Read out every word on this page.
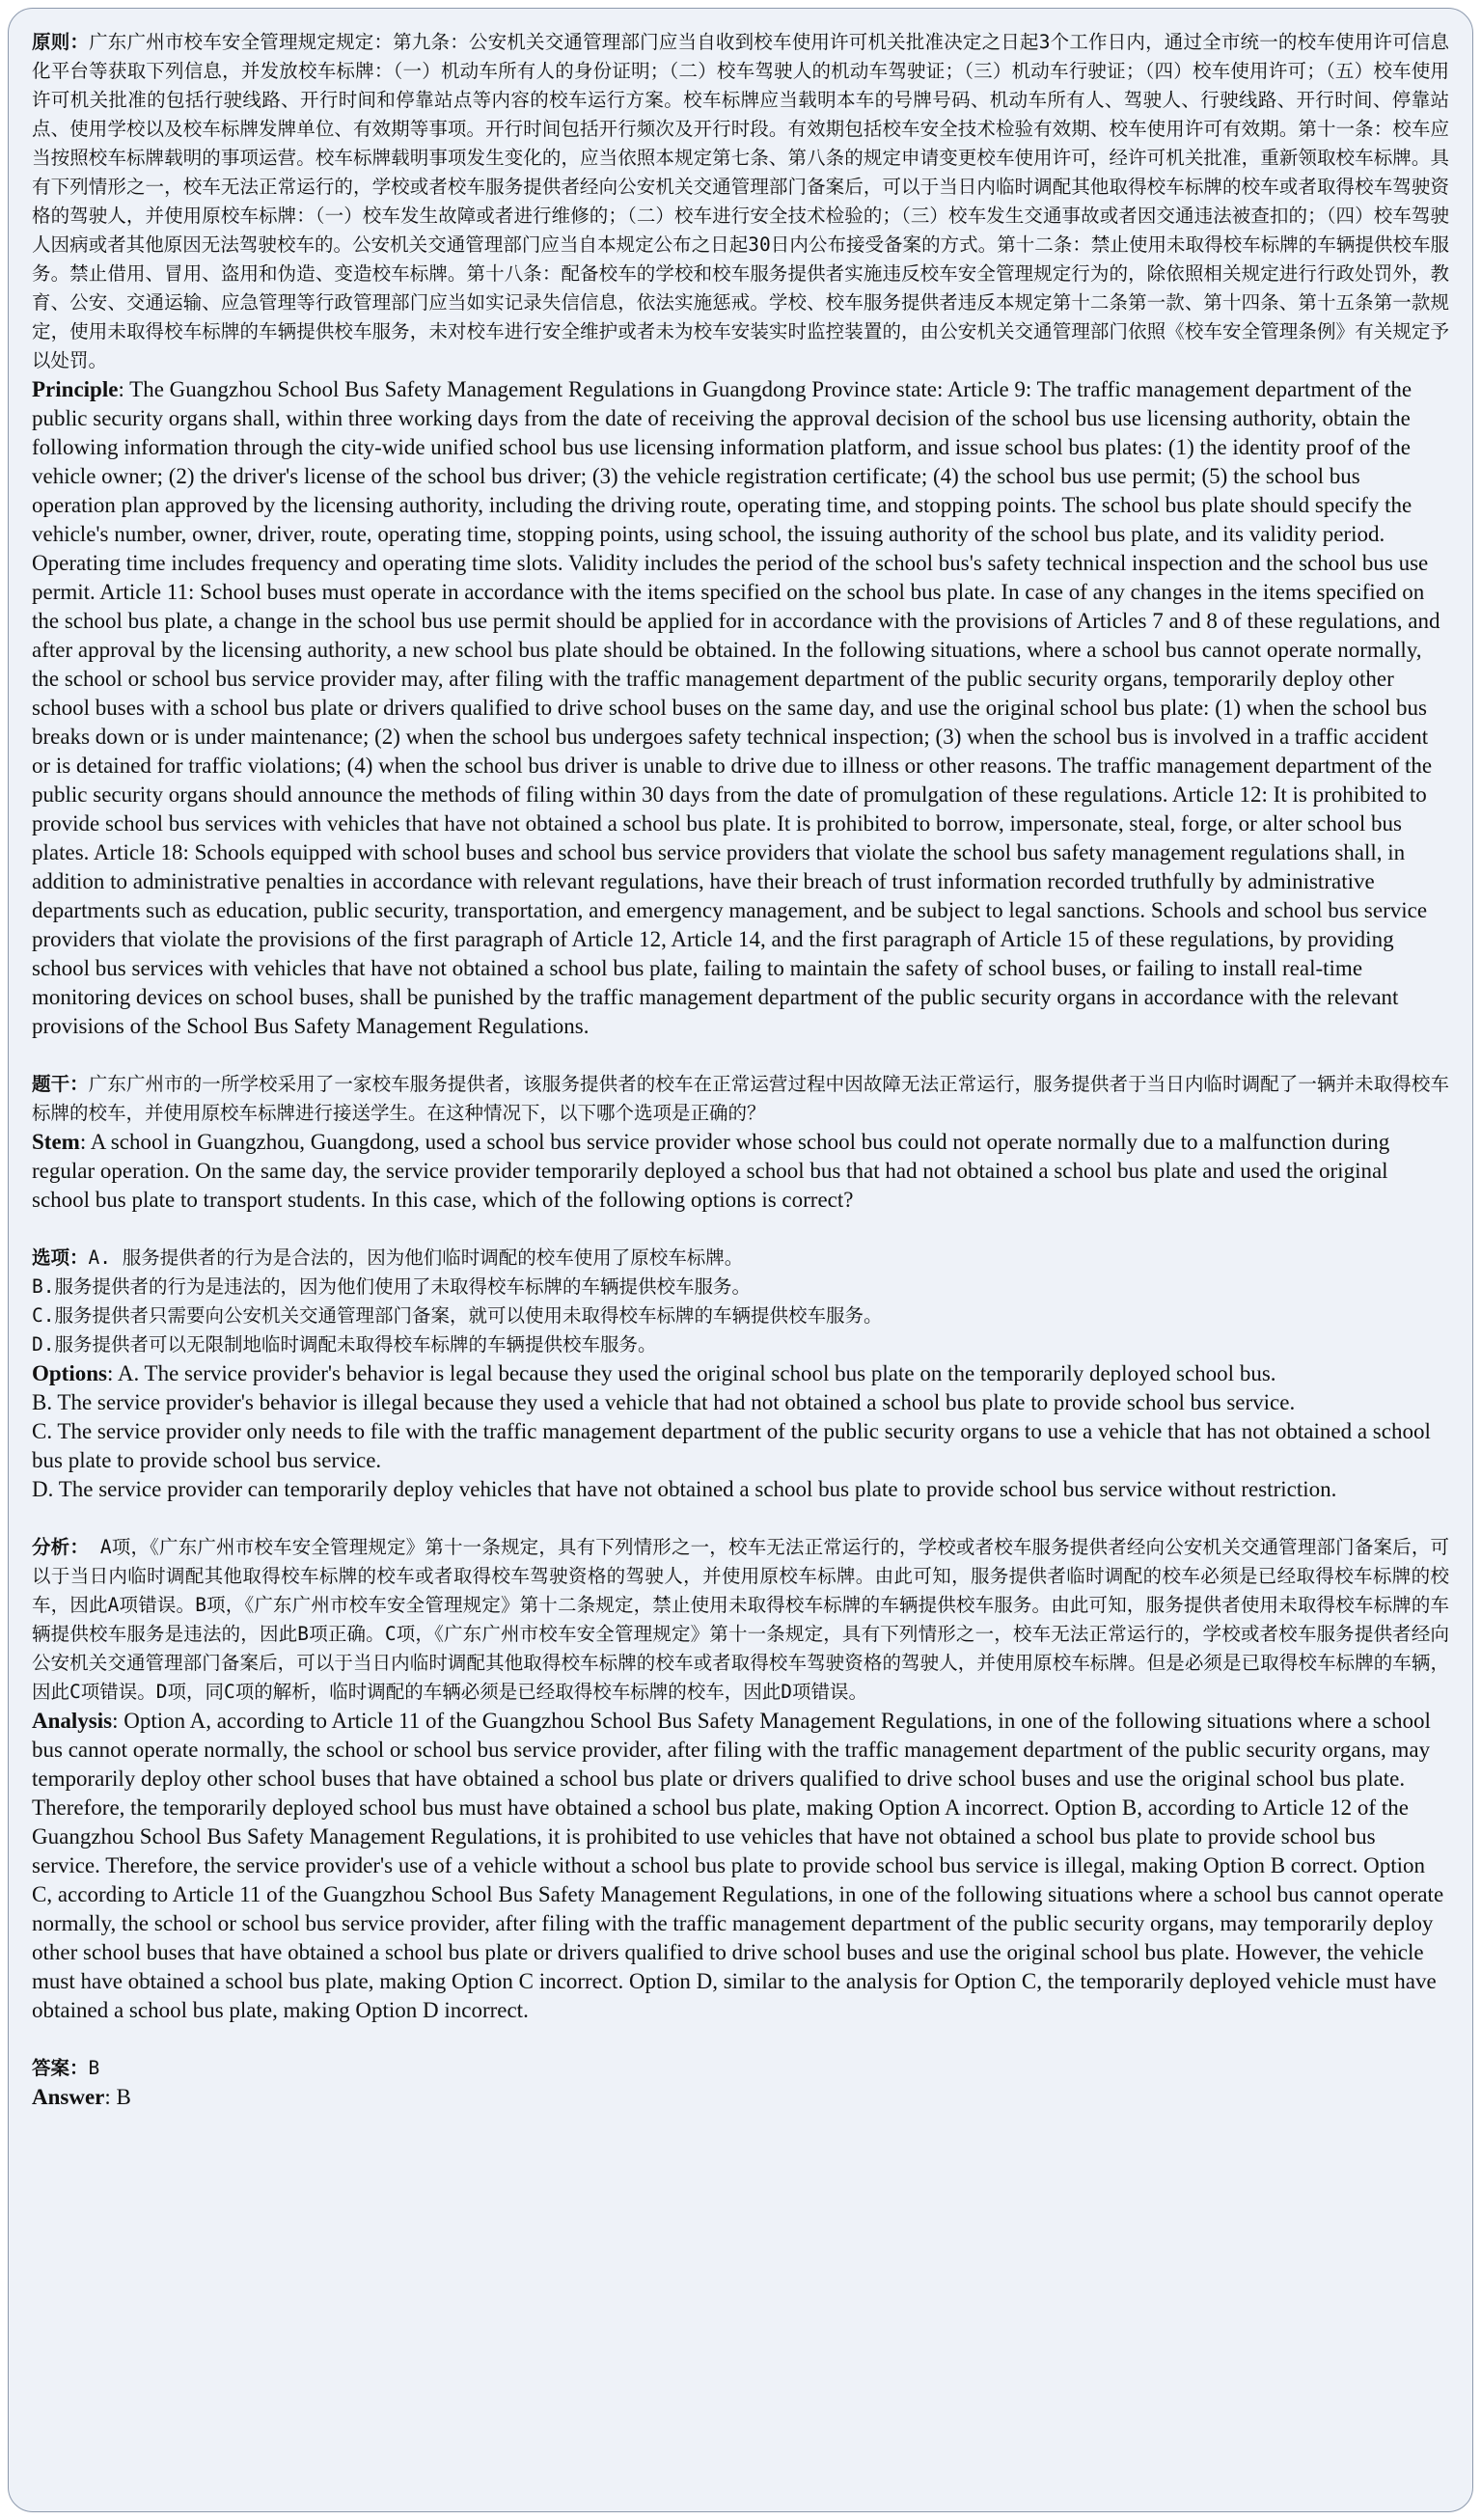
原则：广东广州市校车安全管理规定规定：第九条：公安机关交通管理部门应当自收到校车使用许可机关批准决定之日起3个工作日内，通过全市统一的校车使用许可信息化平台等获取下列信息，并发放校车标牌：（一）机动车所有人的身份证明；（二）校车驾驶人的机动车驾驶证；（三）机动车行驶证；（四）校车使用许可；（五）校车使用许可机关批准的包括行驶线路、开行时间和停靠站点等内容的校车运行方案。校车标牌应当载明本车的号牌号码、机动车所有人、驾驶人、行驶线路、开行时间、停靠站点、使用学校以及校车标牌发牌单位、有效期等事项。开行时间包括开行频次及开行时段。有效期包括校车安全技术检验有效期、校车使用许可有效期。第十一条：校车应当按照校车标牌载明的事项运营。校车标牌载明事项发生变化的，应当依照本规定第七条、第八条的规定申请变更校车使用许可，经许可机关批准，重新领取校车标牌。具有下列情形之一，校车无法正常运行的，学校或者校车服务提供者经向公安机关交通管理部门备案后，可以于当日内临时调配其他取得校车标牌的校车或者取得校车驾驶资格的驾驶人，并使用原校车标牌：（一）校车发生故障或者进行维修的；（二）校车进行安全技术检验的；（三）校车发生交通事故或者因交通违法被查扣的；（四）校车驾驶人因病或者其他原因无法驾驶校车的。公安机关交通管理部门应当自本规定公布之日起30日内公布接受备案的方式。第十二条：禁止使用未取得校车标牌的车辆提供校车服务。禁止借用、冒用、盗用和伪造、变造校车标牌。第十八条：配备校车的学校和校车服务提供者实施违反校车安全管理规定行为的，除依照相关规定进行行政处罚外，教育、公安、交通运输、应急管理等行政管理部门应当如实记录失信信息，依法实施惩戒。学校、校车服务提供者违反本规定第十二条第一款、第十四条、第十五条第一款规定，使用未取得校车标牌的车辆提供校车服务，未对校车进行安全维护或者未为校车安装实时监控装置的，由公安机关交通管理部门依照《校车安全管理条例》有关规定予以处罚。

Principle: The Guangzhou School Bus Safety Management Regulations in Guangdong Province state: Article 9: The traffic management department of the public security organs shall, within three working days from the date of receiving the approval decision of the school bus use licensing authority, obtain the following information through the city-wide unified school bus use licensing information platform, and issue school bus plates: (1) the identity proof of the vehicle owner; (2) the driver's license of the school bus driver; (3) the vehicle registration certificate; (4) the school bus use permit; (5) the school bus operation plan approved by the licensing authority, including the driving route, operating time, and stopping points. The school bus plate should specify the vehicle's number, owner, driver, route, operating time, stopping points, using school, the issuing authority of the school bus plate, and its validity period. Operating time includes frequency and operating time slots. Validity includes the period of the school bus's safety technical inspection and the school bus use permit. Article 11: School buses must operate in accordance with the items specified on the school bus plate. In case of any changes in the items specified on the school bus plate, a change in the school bus use permit should be applied for in accordance with the provisions of Articles 7 and 8 of these regulations, and after approval by the licensing authority, a new school bus plate should be obtained. In the following situations, where a school bus cannot operate normally, the school or school bus service provider may, after filing with the traffic management department of the public security organs, temporarily deploy other school buses with a school bus plate or drivers qualified to drive school buses on the same day, and use the original school bus plate: (1) when the school bus breaks down or is under maintenance; (2) when the school bus undergoes safety technical inspection; (3) when the school bus is involved in a traffic accident or is detained for traffic violations; (4) when the school bus driver is unable to drive due to illness or other reasons. The traffic management department of the public security organs should announce the methods of filing within 30 days from the date of promulgation of these regulations. Article 12: It is prohibited to provide school bus services with vehicles that have not obtained a school bus plate. It is prohibited to borrow, impersonate, steal, forge, or alter school bus plates. Article 18: Schools equipped with school buses and school bus service providers that violate the school bus safety management regulations shall, in addition to administrative penalties in accordance with relevant regulations, have their breach of trust information recorded truthfully by administrative departments such as education, public security, transportation, and emergency management, and be subject to legal sanctions. Schools and school bus service providers that violate the provisions of the first paragraph of Article 12, Article 14, and the first paragraph of Article 15 of these regulations, by providing school bus services with vehicles that have not obtained a school bus plate, failing to maintain the safety of school buses, or failing to install real-time monitoring devices on school buses, shall be punished by the traffic management department of the public security organs in accordance with the relevant provisions of the School Bus Safety Management Regulations.

题干：广东广州市的一所学校采用了一家校车服务提供者，该服务提供者的校车在正常运营过程中因故障无法正常运行，服务提供者于当日内临时调配了一辆并未取得校车标牌的校车，并使用原校车标牌进行接送学生。在这种情况下，以下哪个选项是正确的？

Stem: A school in Guangzhou, Guangdong, used a school bus service provider whose school bus could not operate normally due to a malfunction during regular operation. On the same day, the service provider temporarily deployed a school bus that had not obtained a school bus plate and used the original school bus plate to transport students. In this case, which of the following options is correct?

选项：A. 服务提供者的行为是合法的，因为他们临时调配的校车使用了原校车标牌。

B.服务提供者的行为是违法的，因为他们使用了未取得校车标牌的车辆提供校车服务。

C.服务提供者只需要向公安机关交通管理部门备案，就可以使用未取得校车标牌的车辆提供校车服务。

D.服务提供者可以无限制地临时调配未取得校车标牌的车辆提供校车服务。

Options: A. The service provider's behavior is legal because they used the original school bus plate on the temporarily deployed school bus.

B. The service provider's behavior is illegal because they used a vehicle that had not obtained a school bus plate to provide school bus service.

C. The service provider only needs to file with the traffic management department of the public security organs to use a vehicle that has not obtained a school bus plate to provide school bus service.

D. The service provider can temporarily deploy vehicles that have not obtained a school bus plate to provide school bus service without restriction.

分析： A项，《广东广州市校车安全管理规定》第十一条规定，具有下列情形之一，校车无法正常运行的，学校或者校车服务提供者经向公安机关交通管理部门备案后，可以于当日内临时调配其他取得校车标牌的校车或者取得校车驾驶资格的驾驶人，并使用原校车标牌。由此可知，服务提供者临时调配的校车必须是已经取得校车标牌的校车，因此A项错误。B项，《广东广州市校车安全管理规定》第十二条规定，禁止使用未取得校车标牌的车辆提供校车服务。由此可知，服务提供者使用未取得校车标牌的车辆提供校车服务是违法的，因此B项正确。C项，《广东广州市校车安全管理规定》第十一条规定，具有下列情形之一，校车无法正常运行的，学校或者校车服务提供者经向公安机关交通管理部门备案后，可以于当日内临时调配其他取得校车标牌的校车或者取得校车驾驶资格的驾驶人，并使用原校车标牌。但是必须是已取得校车标牌的车辆，因此C项错误。D项，同C项的解析，临时调配的车辆必须是已经取得校车标牌的校车，因此D项错误。

Analysis: Option A, according to Article 11 of the Guangzhou School Bus Safety Management Regulations, in one of the following situations where a school bus cannot operate normally, the school or school bus service provider, after filing with the traffic management department of the public security organs, may temporarily deploy other school buses that have obtained a school bus plate or drivers qualified to drive school buses and use the original school bus plate. Therefore, the temporarily deployed school bus must have obtained a school bus plate, making Option A incorrect. Option B, according to Article 12 of the Guangzhou School Bus Safety Management Regulations, it is prohibited to use vehicles that have not obtained a school bus plate to provide school bus service. Therefore, the service provider's use of a vehicle without a school bus plate to provide school bus service is illegal, making Option B correct. Option C, according to Article 11 of the Guangzhou School Bus Safety Management Regulations, in one of the following situations where a school bus cannot operate normally, the school or school bus service provider, after filing with the traffic management department of the public security organs, may temporarily deploy other school buses that have obtained a school bus plate or drivers qualified to drive school buses and use the original school bus plate. However, the vehicle must have obtained a school bus plate, making Option C incorrect. Option D, similar to the analysis for Option C, the temporarily deployed vehicle must have obtained a school bus plate, making Option D incorrect.

答案：B

Answer: B
